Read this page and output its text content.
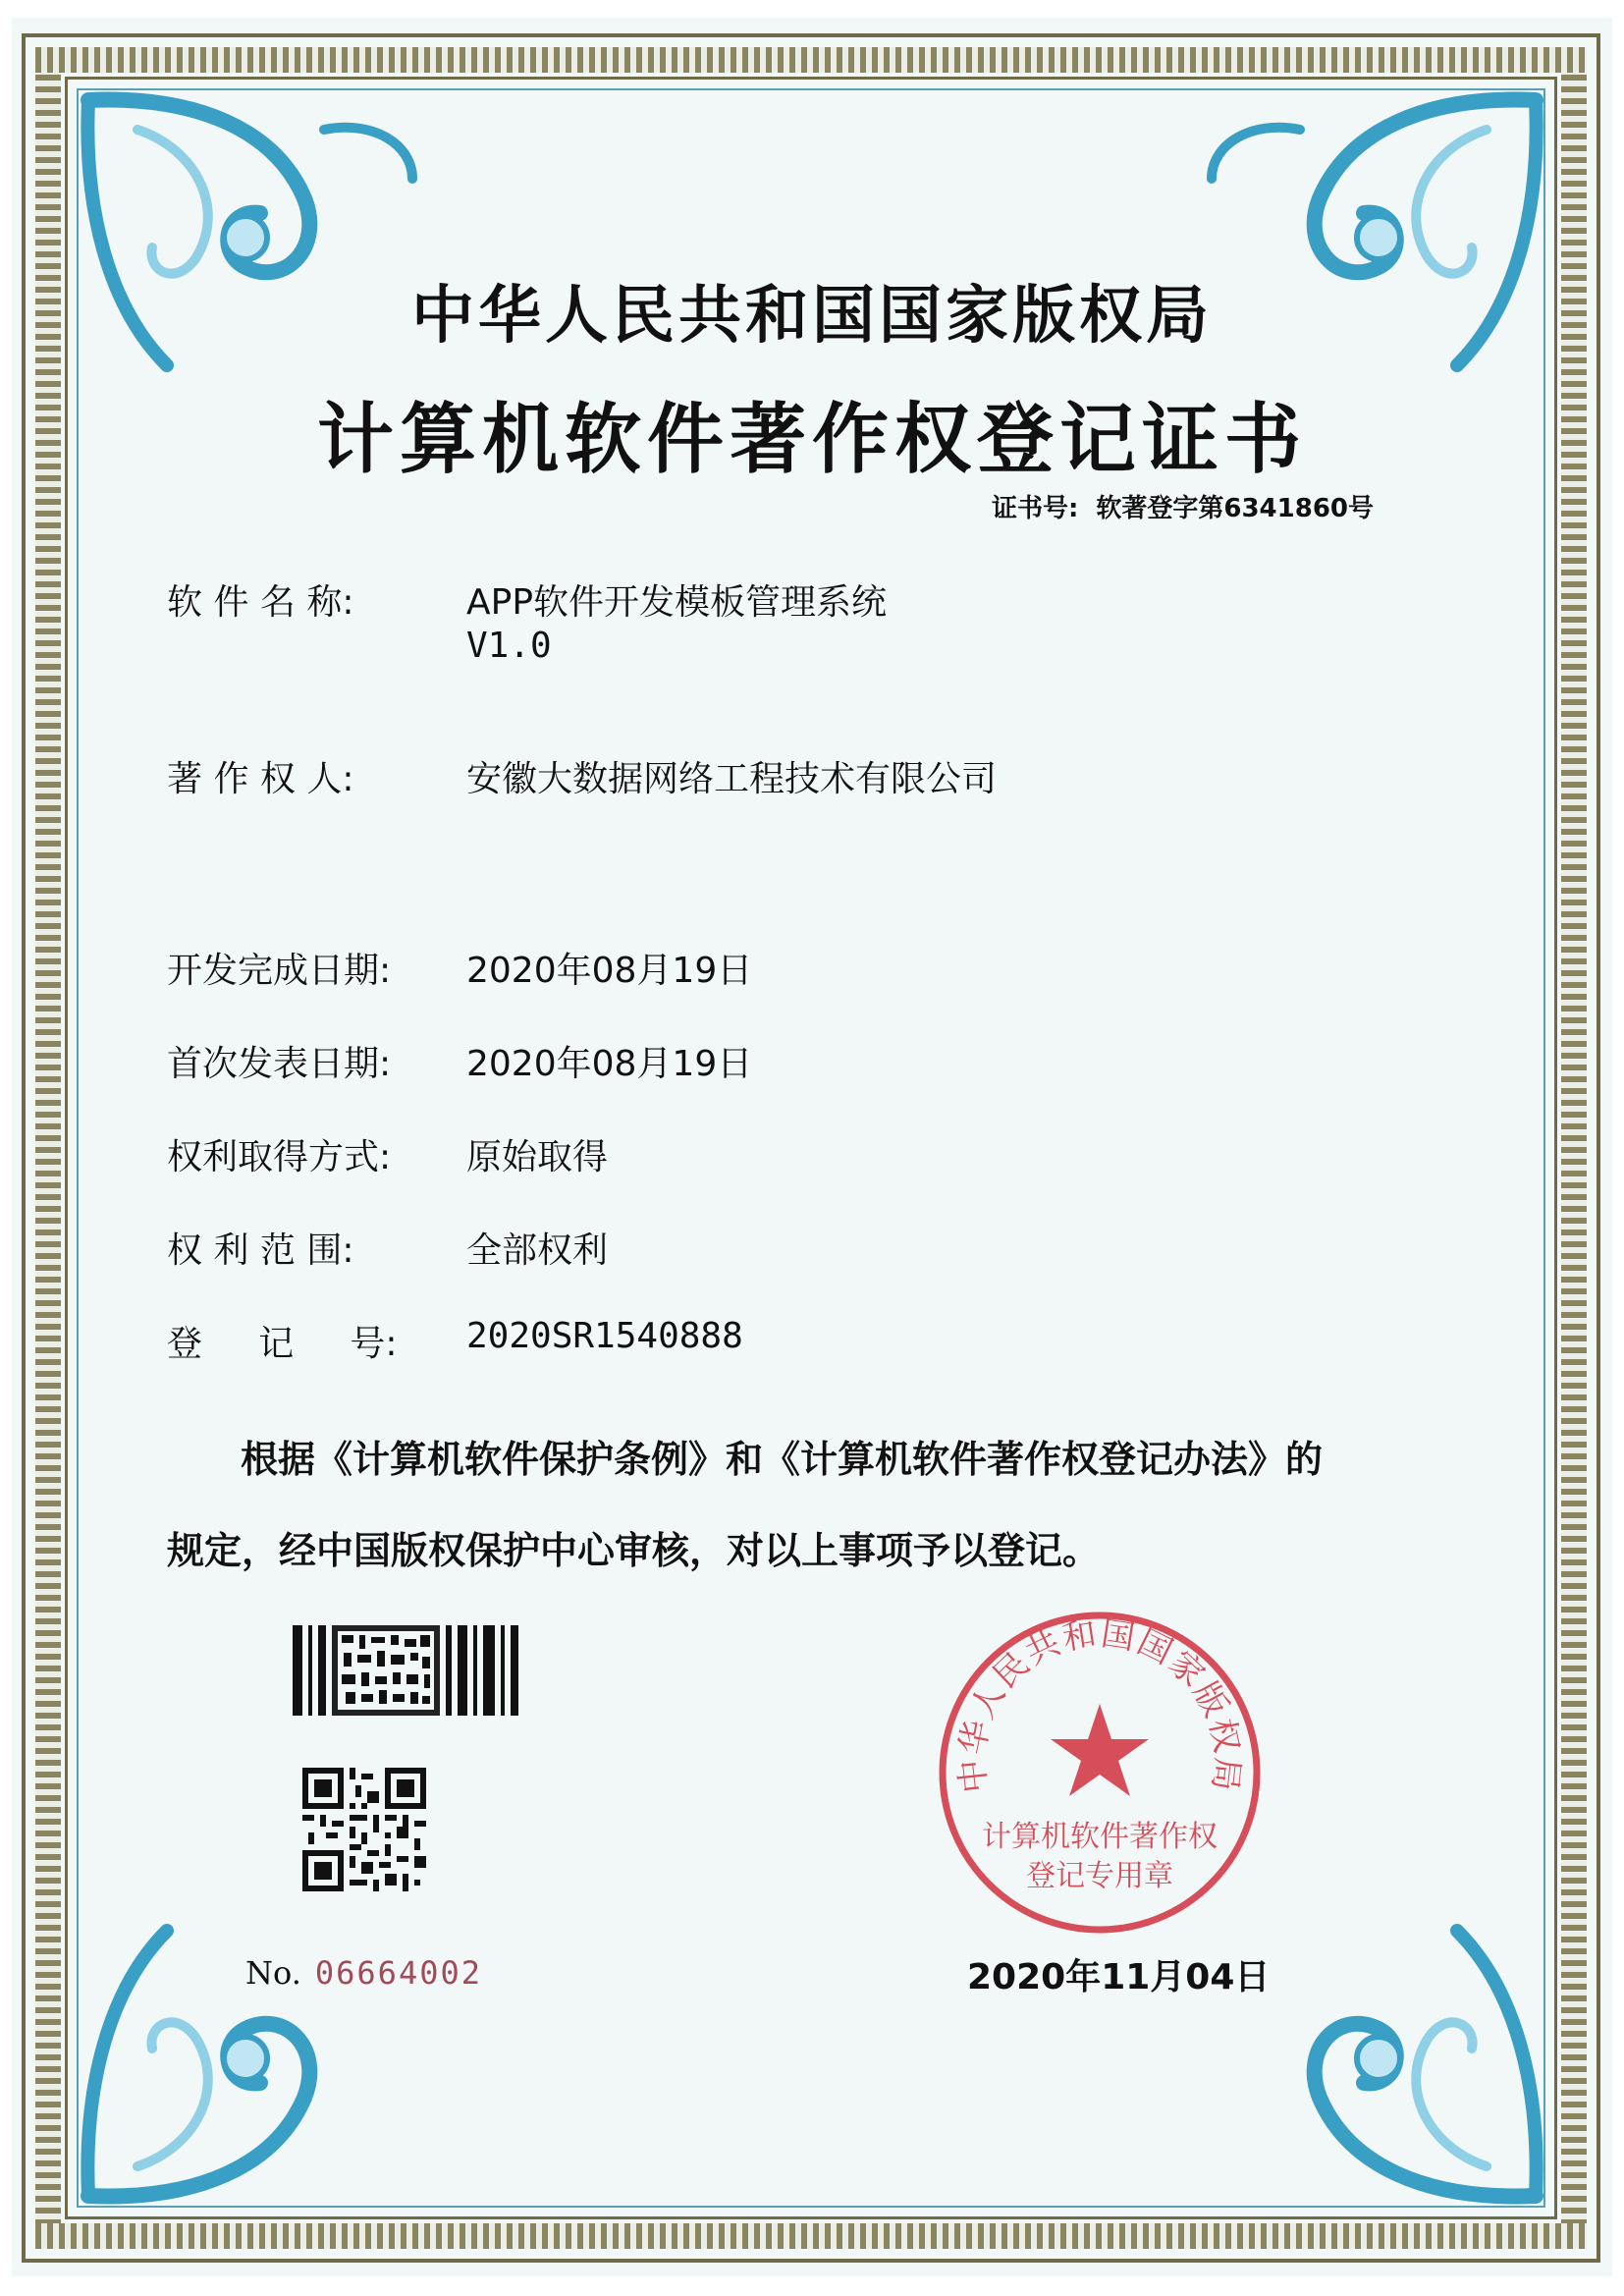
中华人民共和国国家版权局
计算机软件著作权登记证书
证书号: 软著登字第6341860号
软 件 名 称:	APP软件开发模板管理系统
V1.0
著 作 权 人:	安徽大数据网络工程技术有限公司
开发完成日期: 2020年08月19日
首次发表日期: 2020年08月19日
权利取得方式: 原始取得
权 利 范 围:	全部权利
登     记     号: 2020SR1540888
根据《计算机软件保护条例》和《计算机软件著作权登记办法》的
规定，经中国版权保护中心审核，对以上事项予以登记。
No. 06664002
中华人民共和国国家版权局
计算机软件著作权
登记专用章
2020年11月04日
